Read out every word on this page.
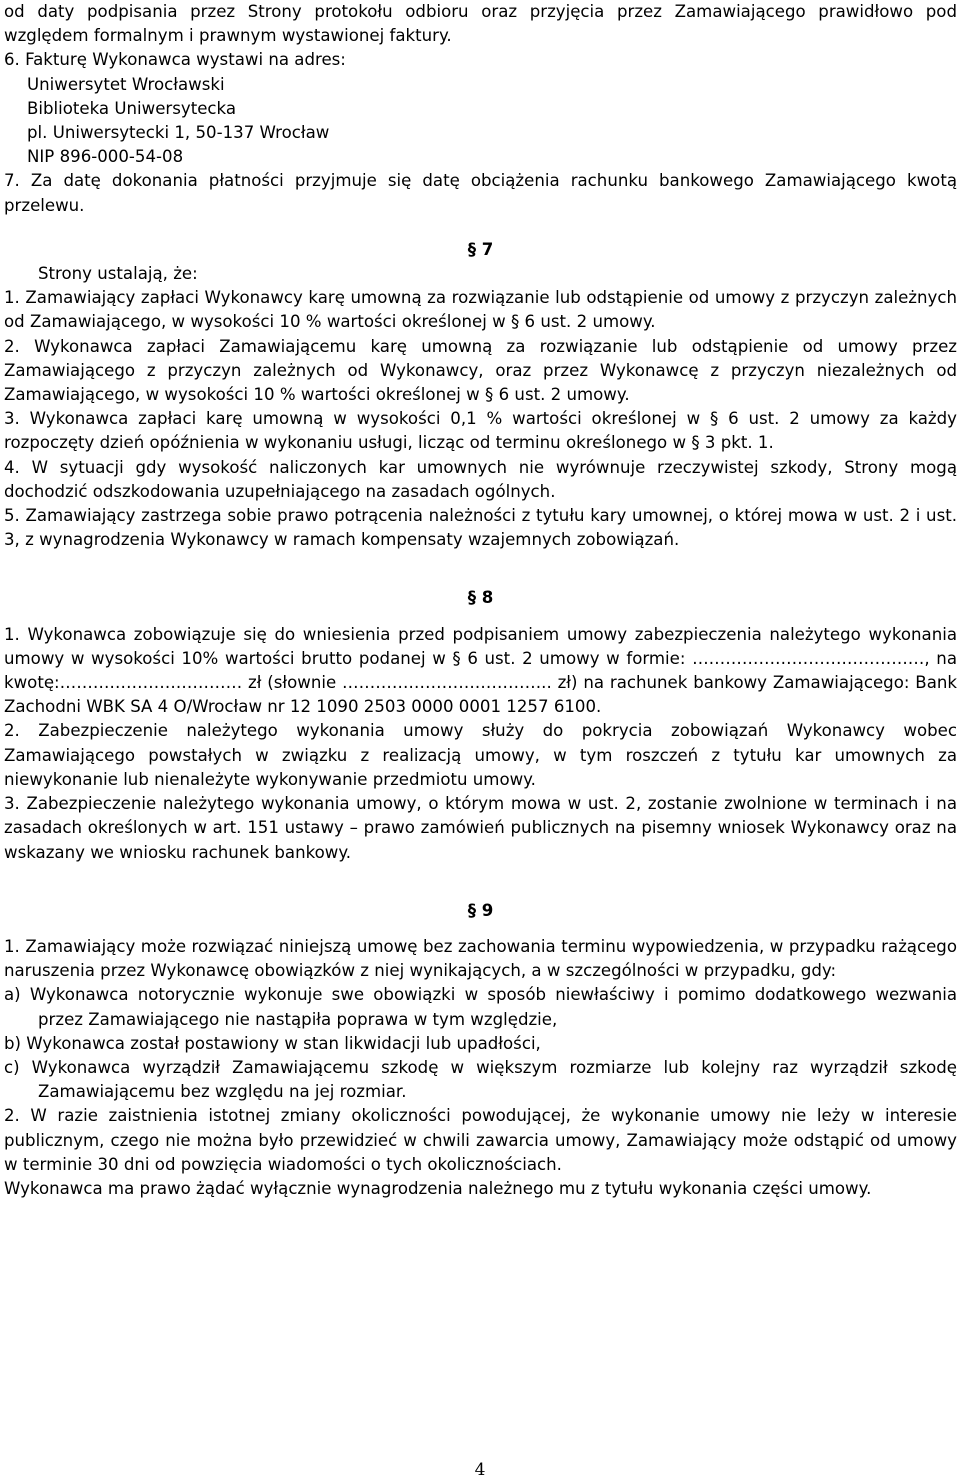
od daty podpisania przez Strony protokołu odbioru oraz przyjęcia przez Zamawiającego prawidłowo pod względem formalnym i prawnym wystawionej faktury.

6. Fakturę Wykonawca wystawi na adres:

Uniwersytet Wrocławski

Biblioteka Uniwersytecka

pl. Uniwersytecki 1, 50-137 Wrocław

NIP 896-000-54-08

7. Za datę dokonania płatności przyjmuje się datę obciążenia rachunku bankowego Zamawiającego kwotą przelewu.

§ 7

Strony ustalają, że:

1. Zamawiający zapłaci Wykonawcy karę umowną za rozwiązanie lub odstąpienie od umowy z przyczyn zależnych od Zamawiającego, w wysokości 10 % wartości określonej w § 6 ust. 2 umowy.

2. Wykonawca zapłaci Zamawiającemu karę umowną za rozwiązanie lub odstąpienie od umowy przez Zamawiającego z przyczyn zależnych od Wykonawcy, oraz przez Wykonawcę z przyczyn niezależnych od Zamawiającego, w wysokości 10 % wartości określonej w § 6 ust. 2 umowy.

3. Wykonawca zapłaci karę umowną w wysokości 0,1 % wartości określonej w § 6 ust. 2 umowy za każdy rozpoczęty dzień opóźnienia w wykonaniu usługi, licząc od terminu określonego w § 3 pkt. 1.

4. W sytuacji gdy wysokość naliczonych kar umownych nie wyrównuje rzeczywistej szkody, Strony mogą dochodzić odszkodowania uzupełniającego na zasadach ogólnych.

5. Zamawiający zastrzega sobie prawo potrącenia należności z tytułu kary umownej, o której mowa w ust. 2 i ust. 3, z wynagrodzenia Wykonawcy w ramach kompensaty wzajemnych zobowiązań.

§ 8

1. Wykonawca zobowiązuje się do wniesienia przed podpisaniem umowy zabezpieczenia należytego wykonania umowy w wysokości 10% wartości brutto podanej w § 6 ust. 2 umowy w formie: ……………………………………, na kwotę:…………………………… zł (słownie ……………………………….. zł) na rachunek bankowy Zamawiającego: Bank Zachodni WBK SA 4 O/Wrocław nr 12 1090 2503 0000 0001 1257 6100.

2. Zabezpieczenie należytego wykonania umowy służy do pokrycia zobowiązań Wykonawcy wobec Zamawiającego powstałych w związku z realizacją umowy, w tym roszczeń z tytułu kar umownych za niewykonanie lub nienależyte wykonywanie przedmiotu umowy.

3. Zabezpieczenie należytego wykonania umowy, o którym mowa w ust. 2, zostanie zwolnione w terminach i na zasadach określonych w art. 151 ustawy – prawo zamówień publicznych na pisemny wniosek Wykonawcy oraz na wskazany we wniosku rachunek bankowy.

§ 9

1. Zamawiający może rozwiązać niniejszą umowę bez zachowania terminu wypowiedzenia, w przypadku rażącego naruszenia przez Wykonawcę obowiązków z niej wynikających, a w szczególności w przypadku, gdy:

a) Wykonawca notorycznie wykonuje swe obowiązki w sposób niewłaściwy i pomimo dodatkowego wezwania przez Zamawiającego nie nastąpiła poprawa w tym względzie,

b) Wykonawca został postawiony w stan likwidacji lub upadłości,

c) Wykonawca wyrządził Zamawiającemu szkodę w większym rozmiarze lub kolejny raz wyrządził szkodę Zamawiającemu bez względu na jej rozmiar.

2. W razie zaistnienia istotnej zmiany okoliczności powodującej, że wykonanie umowy nie leży w interesie publicznym, czego nie można było przewidzieć w chwili zawarcia umowy, Zamawiający może odstąpić od umowy w terminie 30 dni od powzięcia wiadomości o tych okolicznościach.

Wykonawca ma prawo żądać wyłącznie wynagrodzenia należnego mu z tytułu wykonania części umowy.

4
